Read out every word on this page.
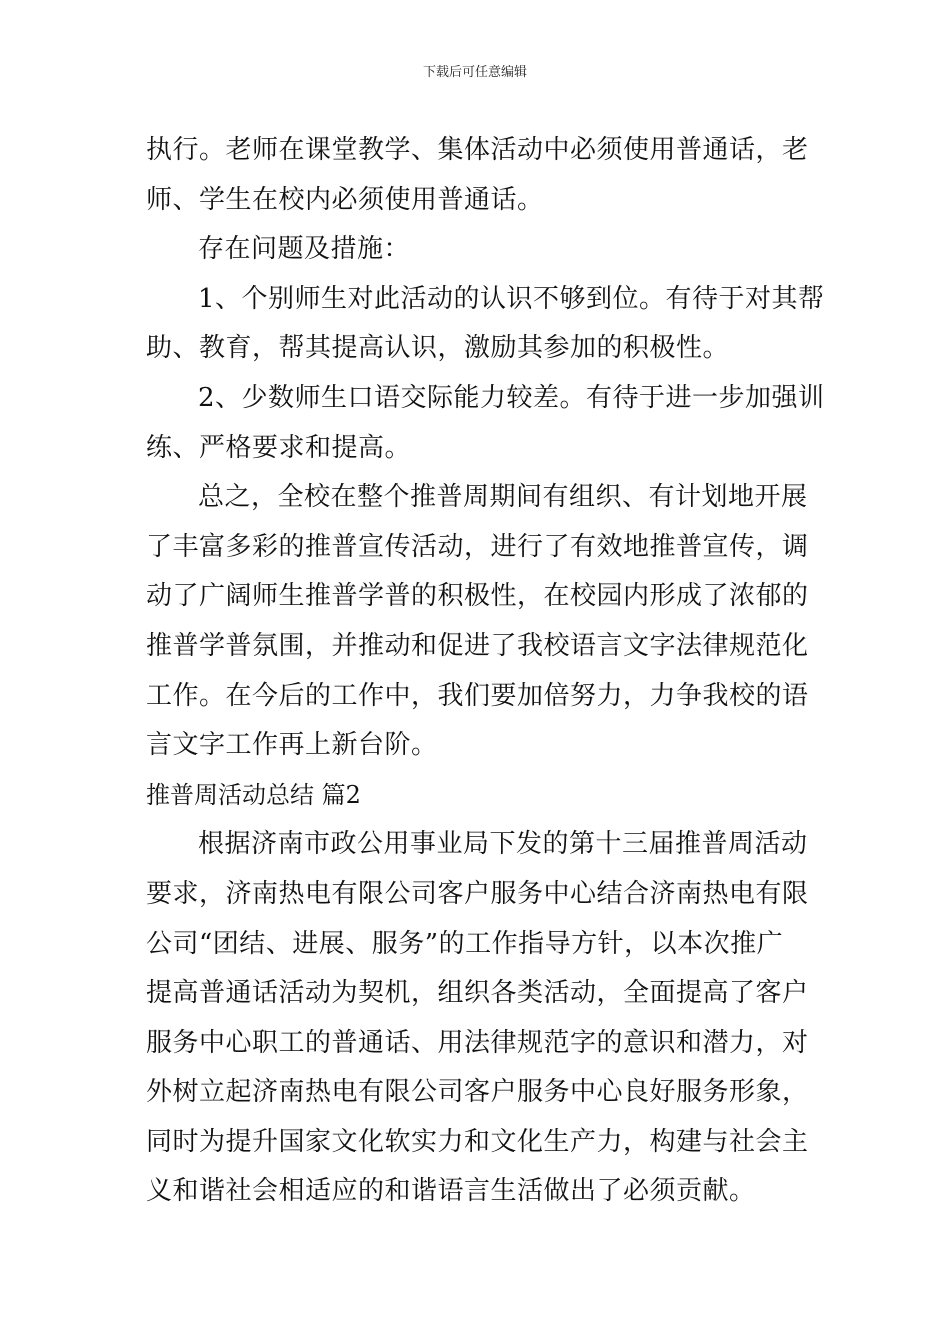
下载后可任意编辑
执行。老师在课堂教学、集体活动中必须使用普通话，老
师、学生在校内必须使用普通话。
存在问题及措施：
1、个别师生对此活动的认识不够到位。有待于对其帮
助、教育，帮其提高认识，激励其参加的积极性。
2、少数师生口语交际能力较差。有待于进一步加强训
练、严格要求和提高。
总之，全校在整个推普周期间有组织、有计划地开展
了丰富多彩的推普宣传活动，进行了有效地推普宣传，调
动了广阔师生推普学普的积极性，在校园内形成了浓郁的
推普学普氛围，并推动和促进了我校语言文字法律规范化
工作。在今后的工作中，我们要加倍努力，力争我校的语
言文字工作再上新台阶。
推普周活动总结 篇2
根据济南市政公用事业局下发的第十三届推普周活动
要求，济南热电有限公司客户服务中心结合济南热电有限
公司“团结、进展、服务”的工作指导方针，以本次推广
提高普通话活动为契机，组织各类活动，全面提高了客户
服务中心职工的普通话、用法律规范字的意识和潜力，对
外树立起济南热电有限公司客户服务中心良好服务形象，
同时为提升国家文化软实力和文化生产力，构建与社会主
义和谐社会相适应的和谐语言生活做出了必须贡献。
